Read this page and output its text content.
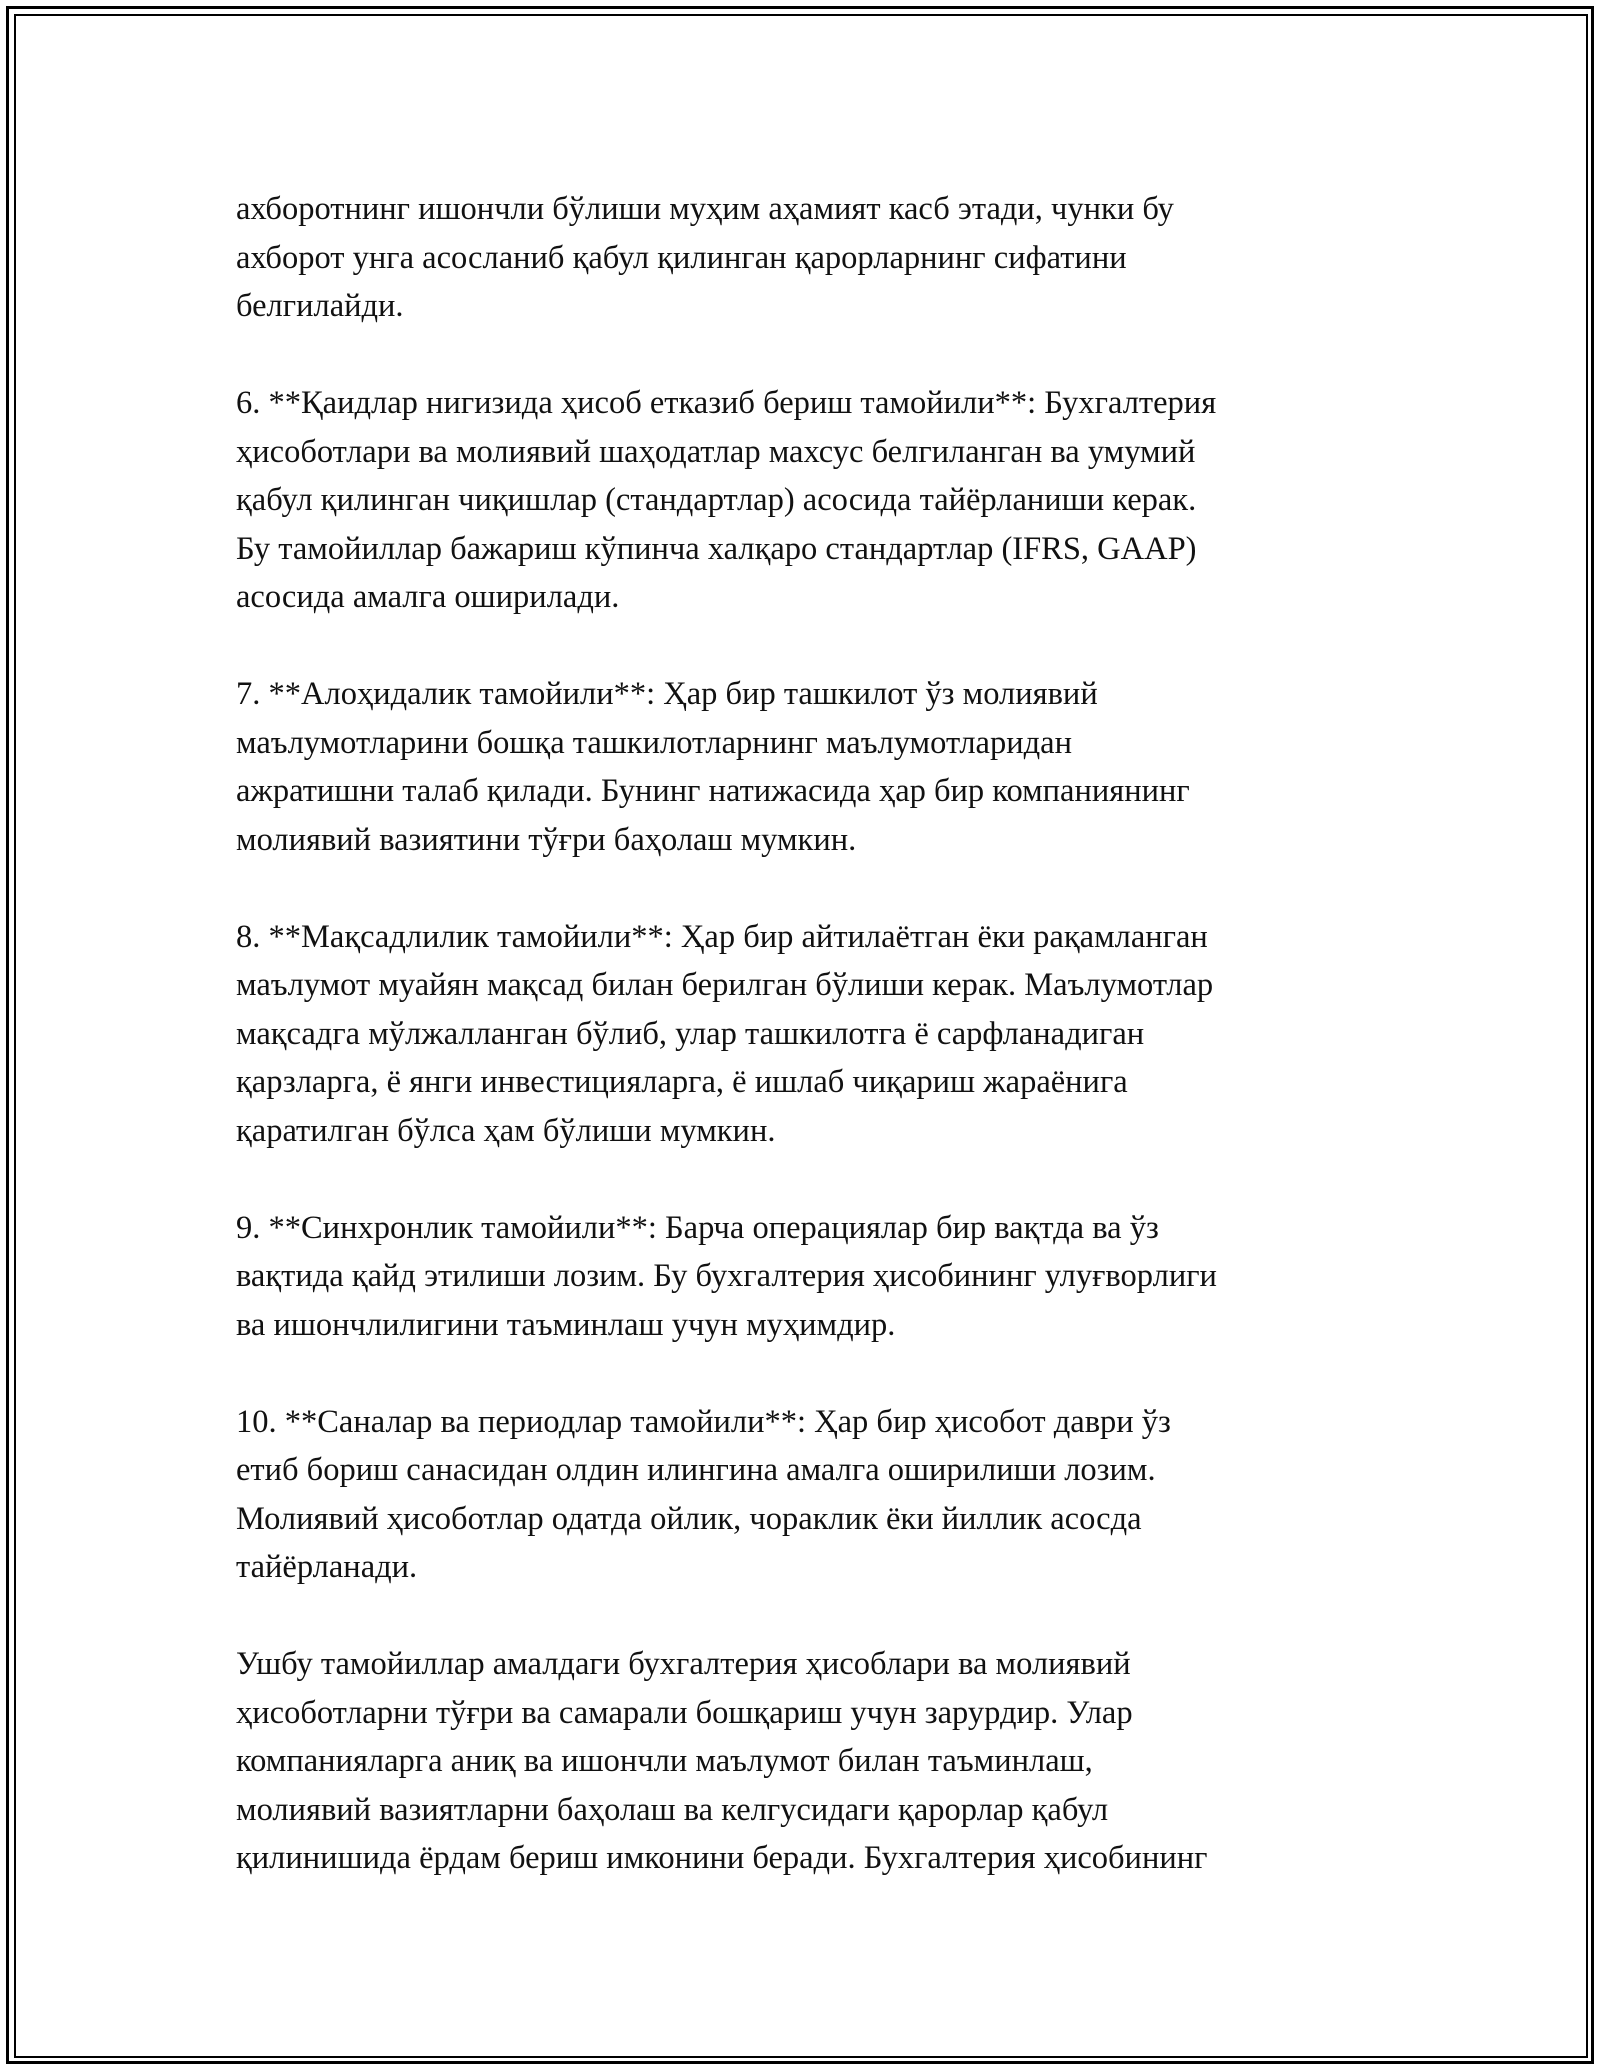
ахборотнинг ишончли бўлиши муҳим аҳамият касб этади, чунки бу
ахборот унга асосланиб қабул қилинган қарорларнинг сифатини
белгилайди.

6. **Қаидлар нигизида ҳисоб етказиб бериш тамойили**: Бухгалтерия
ҳисоботлари ва молиявий шаҳодатлар махсус белгиланган ва умумий
қабул қилинган чиқишлар (стандартлар) асосида тайёрланиши керак.
Бу тамойиллар бажариш кўпинча халқаро стандартлар (IFRS, GAAP)
асосида амалга оширилади.

7. **Алоҳидалик тамойили**: Ҳар бир ташкилот ўз молиявий
маълумотларини бошқа ташкилотларнинг маълумотларидан
ажратишни талаб қилади. Бунинг натижасида ҳар бир компаниянинг
молиявий вазиятини тўғри баҳолаш мумкин.

8. **Мақсадлилик тамойили**: Ҳар бир айтилаётган ёки рақамланган
маълумот муайян мақсад билан берилган бўлиши керак. Маълумотлар
мақсадга мўлжалланган бўлиб, улар ташкилотга ё сарфланадиган
қарзларга, ё янги инвестицияларга, ё ишлаб чиқариш жараёнига
қаратилган бўлса ҳам бўлиши мумкин.

9. **Синхронлик тамойили**: Барча операциялар бир вақтда ва ўз
вақтида қайд этилиши лозим. Бу бухгалтерия ҳисобининг улуғворлиги
ва ишончлилигини таъминлаш учун муҳимдир.

10. **Саналар ва периодлар тамойили**: Ҳар бир ҳисобот даври ўз
етиб бориш санасидан олдин илингина амалга оширилиши лозим.
Молиявий ҳисоботлар одатда ойлик, чораклик ёки йиллик асосда
тайёрланади.

Ушбу тамойиллар амалдаги бухгалтерия ҳисоблари ва молиявий
ҳисоботларни тўғри ва самарали бошқариш учун зарурдир. Улар
компанияларга аниқ ва ишончли маълумот билан таъминлаш,
молиявий вазиятларни баҳолаш ва келгусидаги қарорлар қабул
қилинишида ёрдам бериш имконини беради. Бухгалтерия ҳисобининг
